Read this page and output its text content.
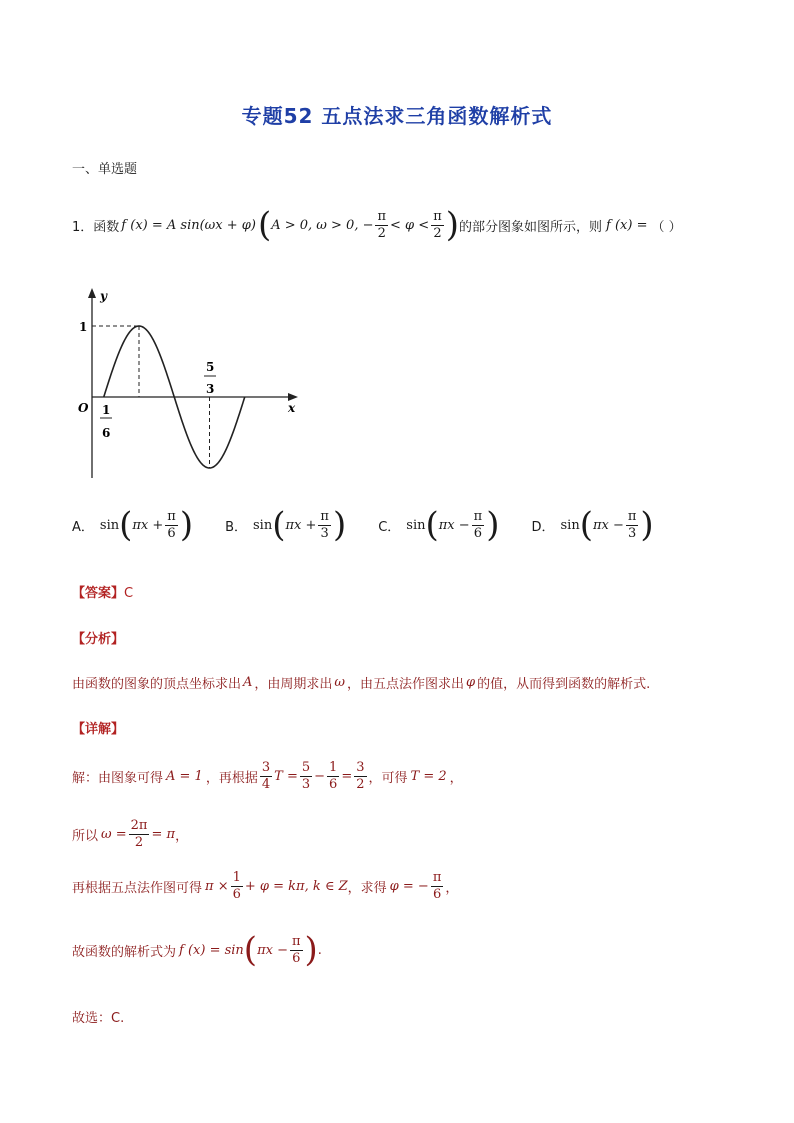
专题52 五点法求三角函数解析式
一、单选题
1． 函数 f (x) = A sin(ωx + φ) ( A > 0, ω > 0, − $\frac{\pi}{2} < \varphi < \frac{\pi}{2}$ ) 的部分图象如图所示，则 f (x) = （ ）
y
x
O
1
1
6
5
3
A． sin ( $\pi x + \frac{\pi}{6}$ ) B． sin ( $\pi x + \frac{\pi}{3}$ ) C． sin ( $\pi x - \frac{\pi}{6}$ ) D． sin ( $\pi x - \frac{\pi}{3}$ )
【答案】C
【分析】
由函数的图象的顶点坐标求出 A ，由周期求出 ω ，由五点法作图求出 φ 的值，从而得到函数的解析式.
【详解】
解：由图象可得 A = 1 ，再根据 $\frac{3}{4}$ $T = \frac{5}{3} - \frac{1}{6} = \frac{3}{2}$ ，可得 T = 2 ，
所以 $\omega = \frac{2\pi}{2} = \pi$ ，
再根据五点法作图可得 $\pi \times \frac{1}{6} + \varphi = k\pi$, k ∈ Z ，求得 φ = − $\frac{\pi}{6}$ ，
故函数的解析式为 f (x) = sin ( $\pi x - \frac{\pi}{6}$ ) .
故选：C.
